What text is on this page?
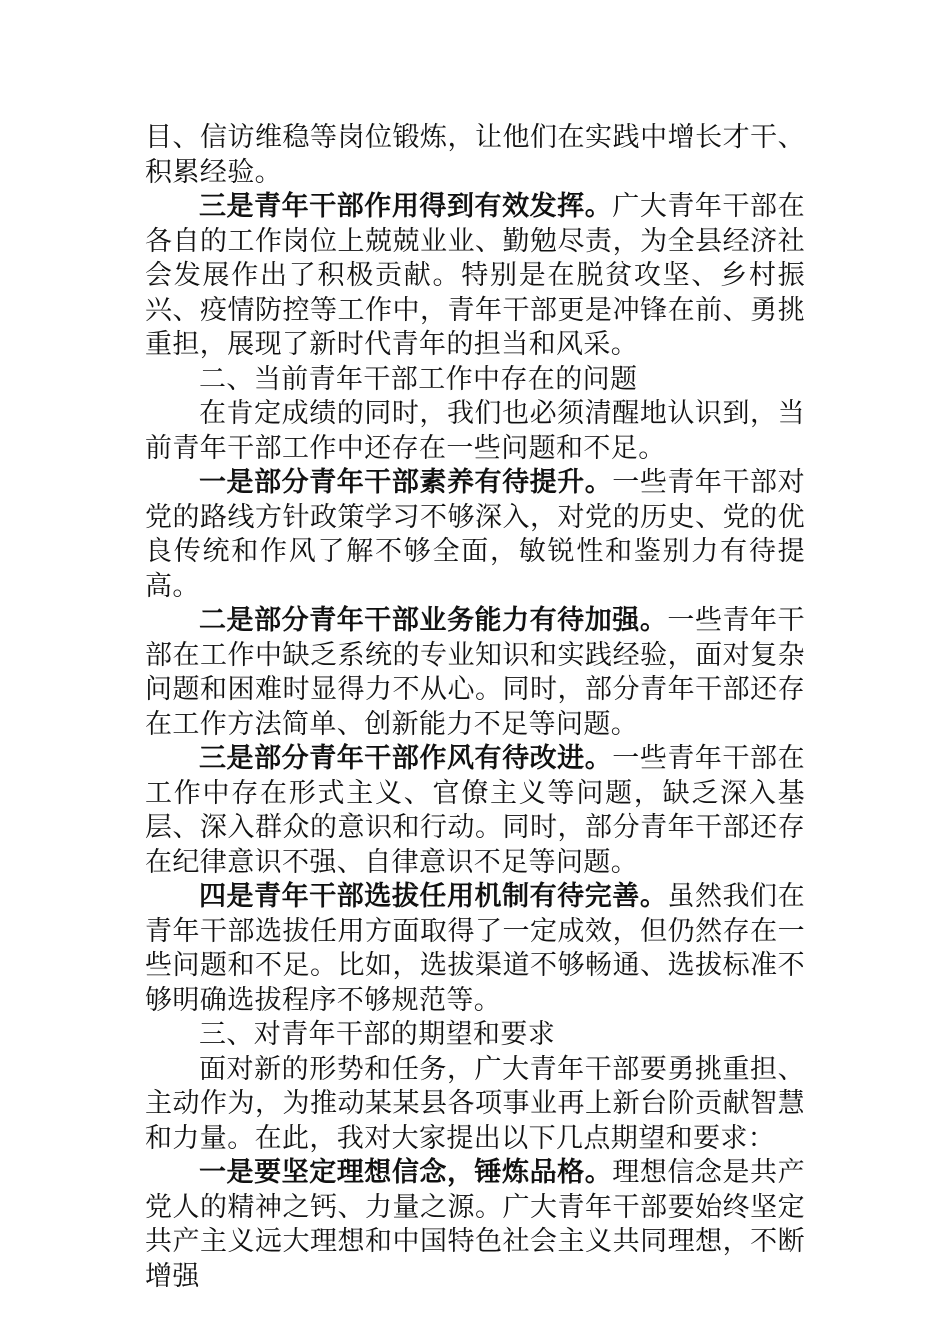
目、信访维稳等岗位锻炼，让他们在实践中增长才干、积累经验。

三是青年干部作用得到有效发挥。广大青年干部在各自的工作岗位上兢兢业业、勤勉尽责，为全县经济社会发展作出了积极贡献。特别是在脱贫攻坚、乡村振兴、疫情防控等工作中，青年干部更是冲锋在前、勇挑重担，展现了新时代青年的担当和风采。

二、当前青年干部工作中存在的问题

在肯定成绩的同时，我们也必须清醒地认识到，当前青年干部工作中还存在一些问题和不足。

一是部分青年干部素养有待提升。一些青年干部对党的路线方针政策学习不够深入，对党的历史、党的优良传统和作风了解不够全面，敏锐性和鉴别力有待提高。

二是部分青年干部业务能力有待加强。一些青年干部在工作中缺乏系统的专业知识和实践经验，面对复杂问题和困难时显得力不从心。同时，部分青年干部还存在工作方法简单、创新能力不足等问题。

三是部分青年干部作风有待改进。一些青年干部在工作中存在形式主义、官僚主义等问题，缺乏深入基层、深入群众的意识和行动。同时，部分青年干部还存在纪律意识不强、自律意识不足等问题。

四是青年干部选拔任用机制有待完善。虽然我们在青年干部选拔任用方面取得了一定成效，但仍然存在一些问题和不足。比如，选拔渠道不够畅通、选拔标准不够明确选拔程序不够规范等。

三、对青年干部的期望和要求

面对新的形势和任务，广大青年干部要勇挑重担、主动作为，为推动某某县各项事业再上新台阶贡献智慧和力量。在此，我对大家提出以下几点期望和要求：

一是要坚定理想信念，锤炼品格。理想信念是共产党人的精神之钙、力量之源。广大青年干部要始终坚定共产主义远大理想和中国特色社会主义共同理想，不断增强
